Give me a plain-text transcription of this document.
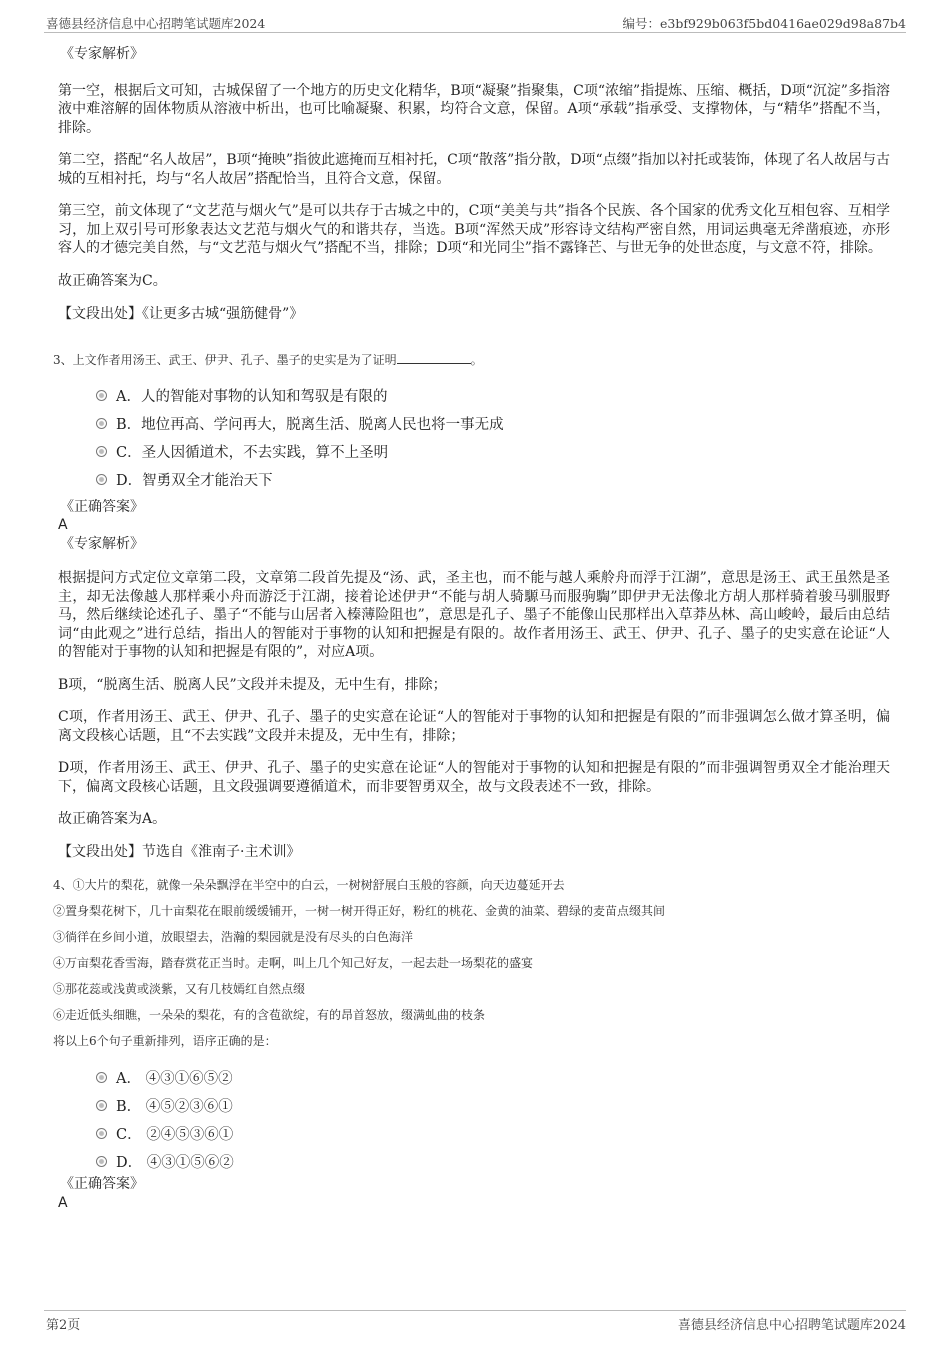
喜德县经济信息中心招聘笔试题库2024	编号：e3bf929b063f5bd0416ae029d98a87b4

《专家解析》

第一空，根据后文可知，古城保留了一个地方的历史文化精华，B项“凝聚”指聚集，C项“浓缩”指提炼、压缩、概括，D项“沉淀”多指溶液中难溶解的固体物质从溶液中析出，也可比喻凝聚、积累，均符合文意，保留。A项“承载”指承受、支撑物体，与“精华”搭配不当，排除。

第二空，搭配“名人故居”，B项“掩映”指彼此遮掩而互相衬托，C项“散落”指分散，D项“点缀”指加以衬托或装饰，体现了名人故居与古城的互相衬托，均与“名人故居”搭配恰当，且符合文意，保留。

第三空，前文体现了“文艺范与烟火气”是可以共存于古城之中的，C项“美美与共”指各个民族、各个国家的优秀文化互相包容、互相学习，加上双引号可形象表达文艺范与烟火气的和谐共存，当选。B项“浑然天成”形容诗文结构严密自然，用词运典毫无斧凿痕迹，亦形容人的才德完美自然，与“文艺范与烟火气”搭配不当，排除；D项“和光同尘”指不露锋芒、与世无争的处世态度，与文意不符，排除。

故正确答案为C。

【文段出处】《让更多古城“强筋健骨”》

3、上文作者用汤王、武王、伊尹、孔子、墨子的史实是为了证明	。

A．人的智能对事物的认知和驾驭是有限的
B．地位再高、学问再大，脱离生活、脱离人民也将一事无成
C．圣人因循道术，不去实践，算不上圣明
D．智勇双全才能治天下

《正确答案》

A

《专家解析》

根据提问方式定位文章第二段，文章第二段首先提及“汤、武，圣主也，而不能与越人乘舲舟而浮于江湖”，意思是汤王、武王虽然是圣主，却无法像越人那样乘小舟而游泛于江湖，接着论述伊尹“不能与胡人骑騵马而服驹騊”即伊尹无法像北方胡人那样骑着骏马驯服野马，然后继续论述孔子、墨子“不能与山居者入榛薄险阻也”，意思是孔子、墨子不能像山民那样出入草莽丛林、高山峻岭，最后由总结词“由此观之”进行总结，指出人的智能对于事物的认知和把握是有限的。故作者用汤王、武王、伊尹、孔子、墨子的史实意在论证“人的智能对于事物的认知和把握是有限的”，对应A项。

B项，“脱离生活、脱离人民”文段并未提及，无中生有，排除；

C项，作者用汤王、武王、伊尹、孔子、墨子的史实意在论证“人的智能对于事物的认知和把握是有限的”而非强调怎么做才算圣明，偏离文段核心话题，且“不去实践”文段并未提及，无中生有，排除；

D项，作者用汤王、武王、伊尹、孔子、墨子的史实意在论证“人的智能对于事物的认知和把握是有限的”而非强调智勇双全才能治理天下，偏离文段核心话题，且文段强调要遵循道术，而非要智勇双全，故与文段表述不一致，排除。

故正确答案为A。

【文段出处】节选自《淮南子·主术训》

4、①大片的梨花，就像一朵朵飘浮在半空中的白云，一树树舒展白玉般的容颜，向天边蔓延开去

②置身梨花树下，几十亩梨花在眼前缓缓铺开，一树一树开得正好，粉红的桃花、金黄的油菜、碧绿的麦苗点缀其间

③徜徉在乡间小道，放眼望去，浩瀚的梨园就是没有尽头的白色海洋

④万亩梨花香雪海，踏春赏花正当时。走啊，叫上几个知己好友，一起去赴一场梨花的盛宴

⑤那花蕊或浅黄或淡紫，又有几枝嫣红自然点缀

⑥走近低头细瞧，一朵朵的梨花，有的含苞欲绽，有的昂首怒放，缀满虬曲的枝条

将以上6个句子重新排列，语序正确的是：

A． ④③①⑥⑤②
B． ④⑤②③⑥①
C． ②④⑤③⑥①
D． ④③①⑤⑥②

《正确答案》

A

第2页	喜德县经济信息中心招聘笔试题库2024
